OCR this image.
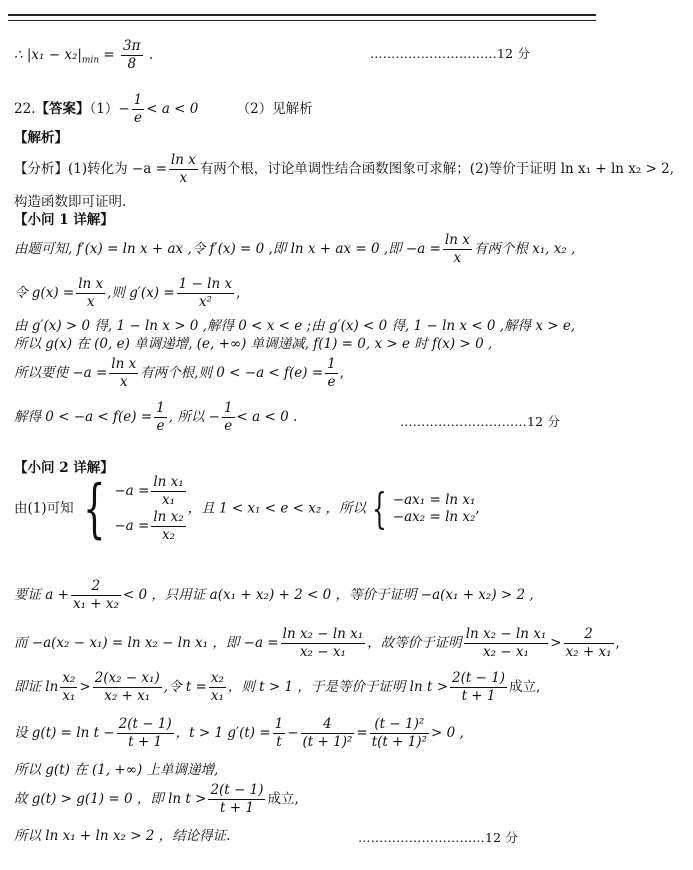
∴ $|x_1 - x_2|_{min} = \frac{3\pi}{8}$ .	…………………………12 分
22.【答案】$(1)- \frac{1}{e} < a < 0$	（2）见解析
【解析】
【分析】(1)转化为 $-a = \frac{\text{ln x}}{x}$ 有两个根，讨论单调性结合函数图象可求解；(2)等价于证明 ln x₁ + ln x₂ > 2,
构造函数即可证明.
【小问 1 详解】
由题可知, f′(x) = ln x + ax ,令 f′(x) = 0 ,即 ln x + ax = 0 ,即 $-a = \frac{\text{ln x}}{x}$ 有两个根 x₁, x₂ ,
令 $g(x) = \frac{\text{ln x}}{x}$ ,则 $g'(x) = \frac{\text{1 − ln x}}{\text{x²}}$ ,
由 g′(x) > 0 得, 1 − ln x > 0 ,解得 0 < x < e ;由 g′(x) < 0 得, 1 − ln x < 0 ,解得 x > e,
所以 g(x) 在 (0, e) 单调递增, (e, +∞) 单调递减, f(1) = 0, x > e 时 f(x) > 0 ,
所以要使 $-a = \frac{\text{ln x}}{x}$ 有两个根,则 $0 < -a < f(e) = \frac{1}{e}$ ,
解得 $0 < -a < f(e) = \frac{1}{e}$ , 所以 − $\frac{1}{e} < a < 0$ .	…………………………12 分
【小问 2 详解】
由(1)可知 { $-a = \frac{\text{ln x₁}}{\text{x₁}}$
$-a = \frac{\text{ln x₂}}{\text{x₂}}$
，且 1 < x₁ < e < x₂ ，所以 { −ax₁ = ln x₁
−ax₂ = ln x₂
,
要证 $a + \frac{2}{\text{x₁ + x₂}} < 0$ ，只用证 a(x₁ + x₂) + 2 < 0 ，等价于证明 −a(x₁ + x₂) > 2 ,
而 −a(x₂ − x₁) = ln x₂ − ln x₁ ，即 $-a = \frac{\text{ln x₂ − ln x₁}}{\text{x₂ − x₁}}$ ，故等价于证明 $\frac{\text{ln x₂ − ln x₁}}{\text{x₂ − x₁}} > \frac{2}{\text{x₂ + x₁}}$ ,
即证 $\ln \frac{\text{x₂}}{\text{x₁}} > \frac{\text{2(x₂ − x₁)}}{\text{x₂ + x₁}}$ ,令 $t = \frac{\text{x₂}}{\text{x₁}}$ ，则 t > 1 ，于是等价于证明 $\ln t > \frac{2(t - 1)}{t + 1}$ 成立,
设 $g(t) = \ln t - \frac{2(t - 1)}{t + 1}$ ，t > 1 $g'(t) = \frac{1}{t} - \frac{4}{\text{(t + 1)²}} = \frac{\text{(t − 1)²}}{\text{t(t + 1)²}} > 0$ ,
所以 g(t) 在 (1, +∞) 上单调递增,
故 g(t) > g(1) = 0 ，即 $\ln t > \frac{2(t - 1)}{t + 1}$ 成立,
所以 ln x₁ + ln x₂ > 2 ，结论得证.	…………………………12 分
